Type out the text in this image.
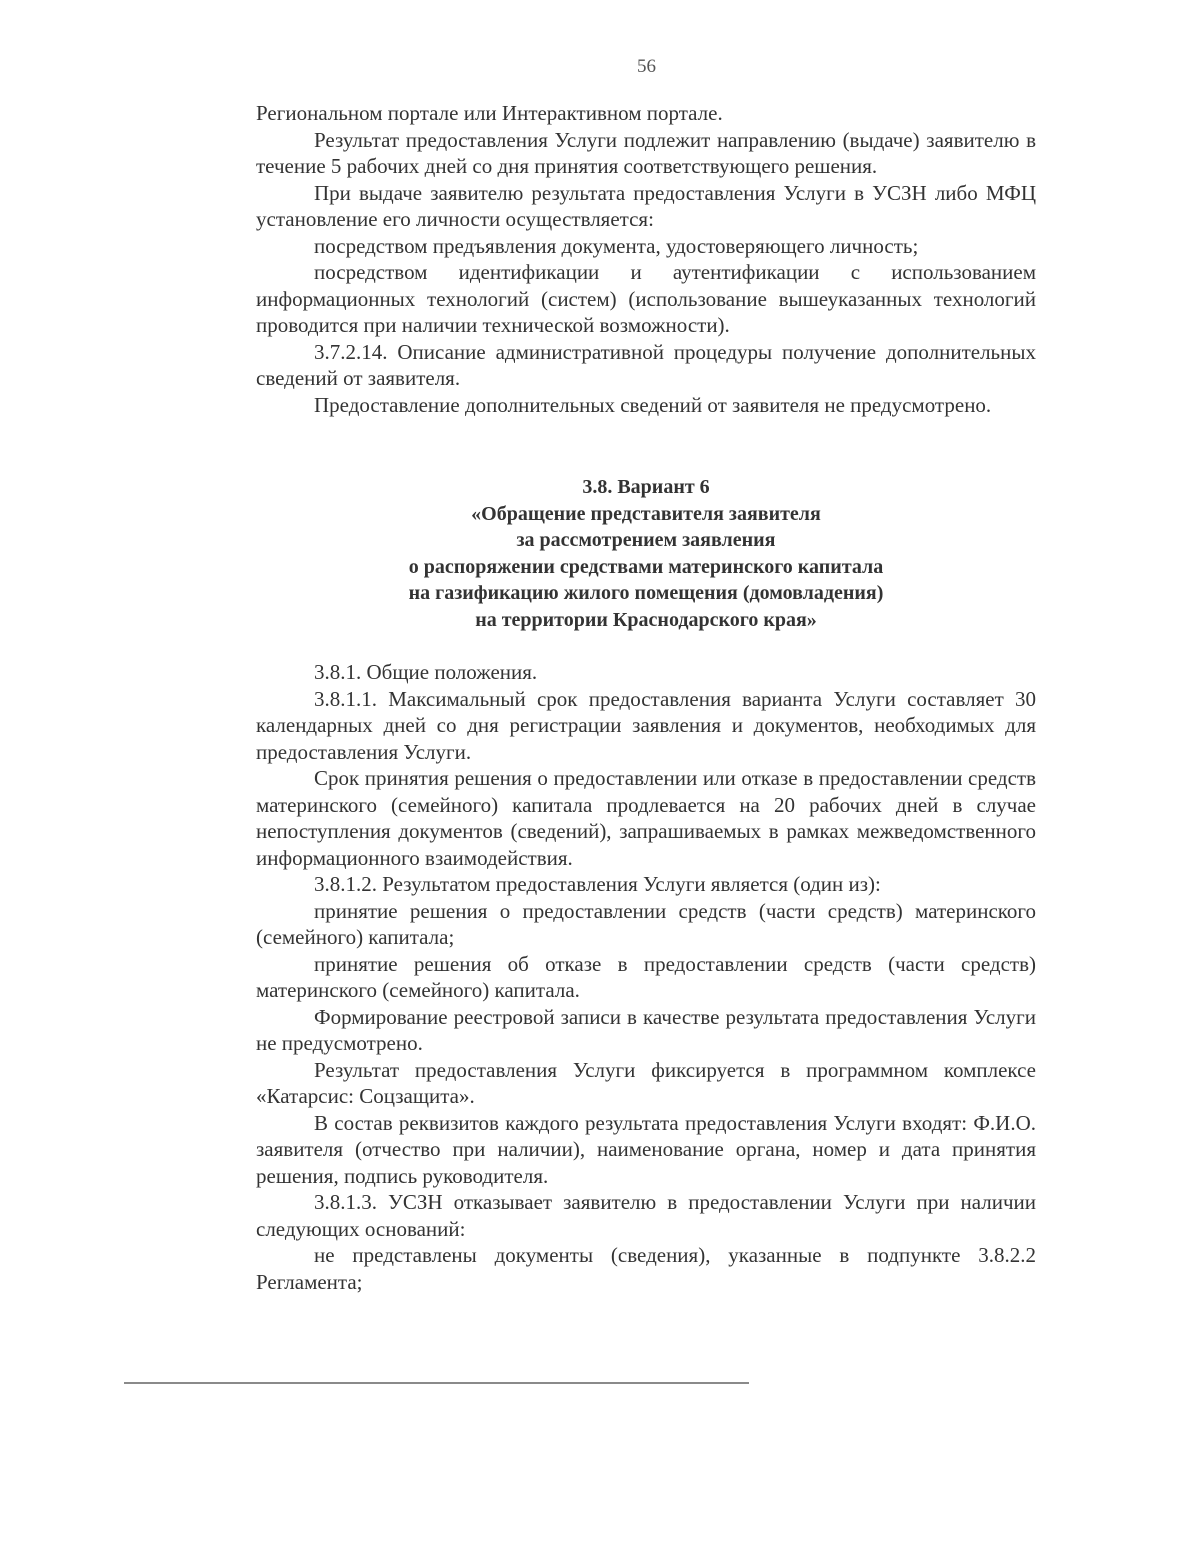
56

Региональном портале или Интерактивном портале.

Результат предоставления Услуги подлежит направлению (выдаче) заявителю в течение 5 рабочих дней со дня принятия соответствующего решения.

При выдаче заявителю результата предоставления Услуги в УСЗН либо МФЦ установление его личности осуществляется:

посредством предъявления документа, удостоверяющего личность;

посредством идентификации и аутентификации с использованием информационных технологий (систем) (использование вышеуказанных технологий проводится при наличии технической возможности).

3.7.2.14. Описание административной процедуры получение дополнительных сведений от заявителя.

Предоставление дополнительных сведений от заявителя не предусмотрено.

3.8. Вариант 6
«Обращение представителя заявителя
за рассмотрением заявления
о распоряжении средствами материнского капитала
на газификацию жилого помещения (домовладения)
на территории Краснодарского края»

3.8.1. Общие положения.

3.8.1.1. Максимальный срок предоставления варианта Услуги составляет 30 календарных дней со дня регистрации заявления и документов, необходимых для предоставления Услуги.

Срок принятия решения о предоставлении или отказе в предоставлении средств материнского (семейного) капитала продлевается на 20 рабочих дней в случае непоступления документов (сведений), запрашиваемых в рамках межведомственного информационного взаимодействия.

3.8.1.2. Результатом предоставления Услуги является (один из):

принятие решения о предоставлении средств (части средств) материнского (семейного) капитала;

принятие решения об отказе в предоставлении средств (части средств) материнского (семейного) капитала.

Формирование реестровой записи в качестве результата предоставления Услуги не предусмотрено.

Результат предоставления Услуги фиксируется в программном комплексе «Катарсис: Соцзащита».

В состав реквизитов каждого результата предоставления Услуги входят: Ф.И.О. заявителя (отчество при наличии), наименование органа, номер и дата принятия решения, подпись руководителя.

3.8.1.3. УСЗН отказывает заявителю в предоставлении Услуги при наличии следующих оснований:

не представлены документы (сведения), указанные в подпункте 3.8.2.2 Регламента;
